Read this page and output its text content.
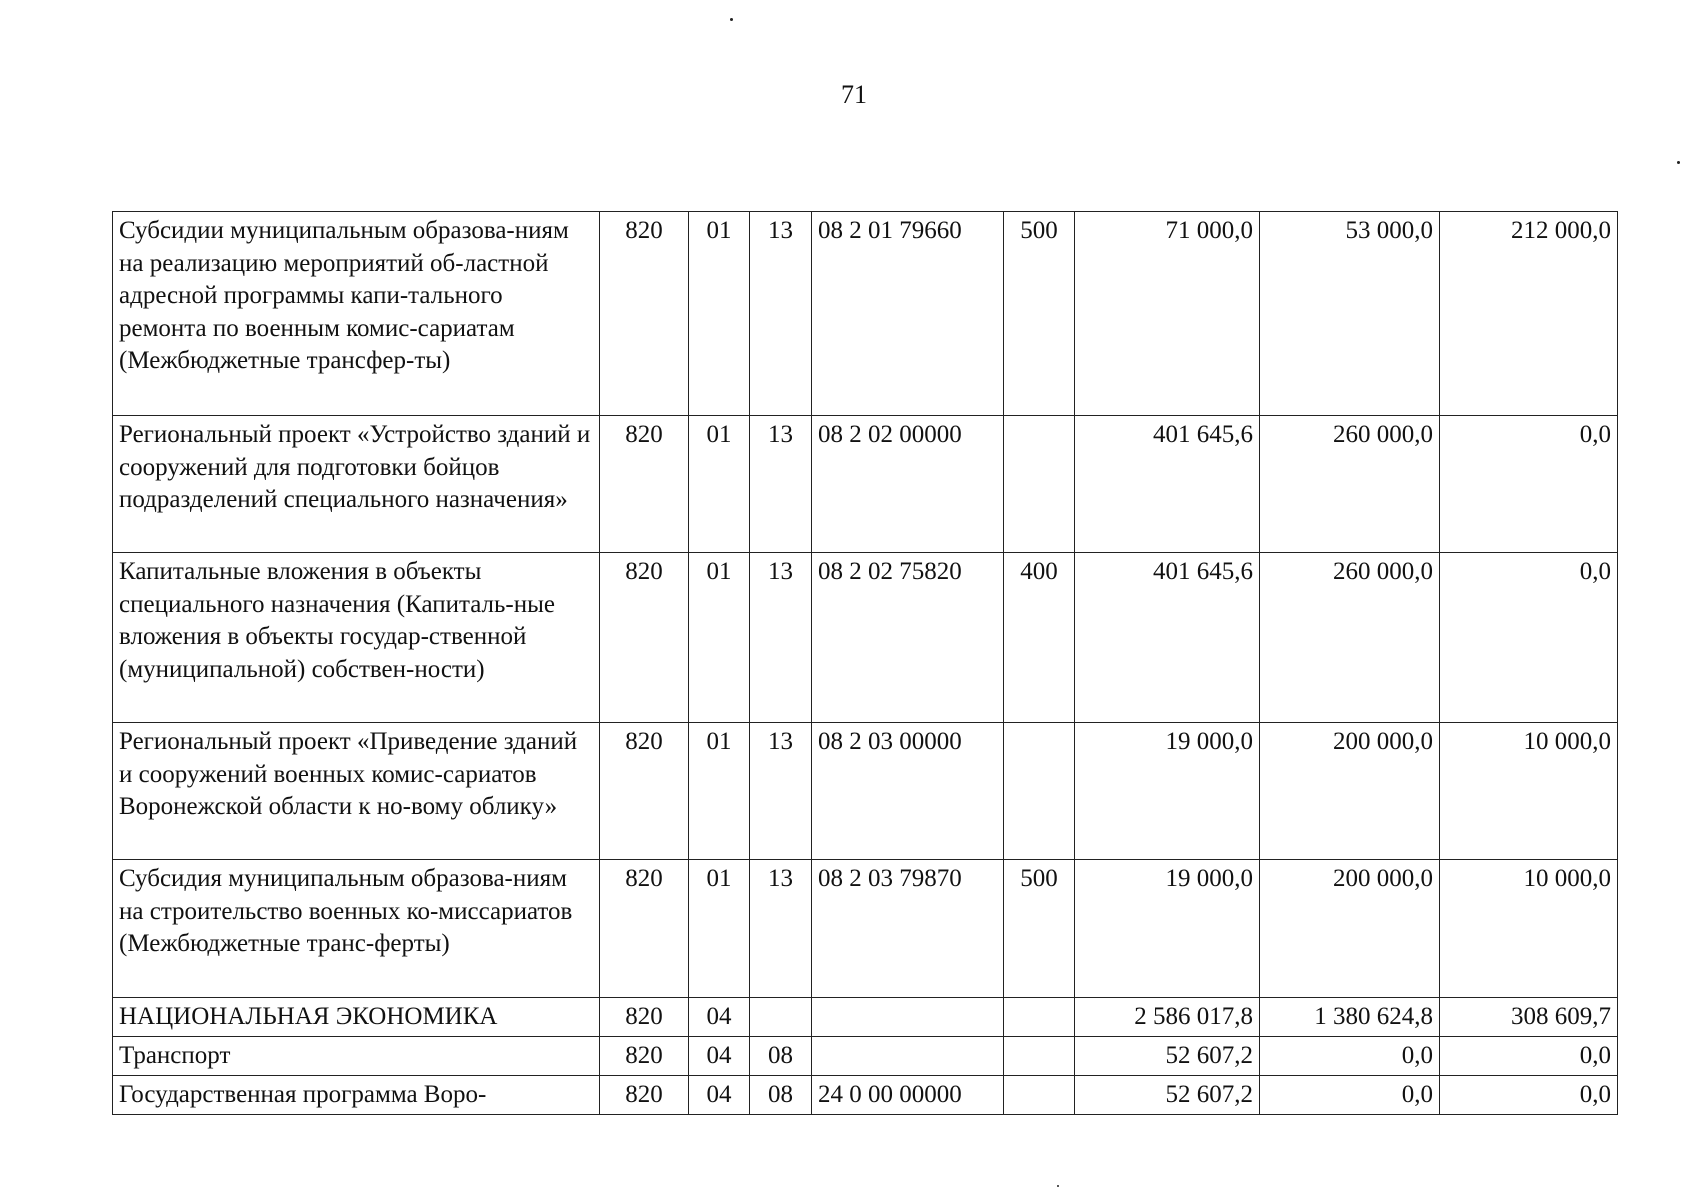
71
Субсидии муниципальным образова-ниям на реализацию мероприятий об-ластной адресной программы капи-тального ремонта по военным комис-сариатам (Межбюджетные трансфер-ты)	820	01	13	08 2 01 79660	500	71 000,0	53 000,0	212 000,0
Региональный проект «Устройство зданий и сооружений для подготовки бойцов подразделений специального назначения»	820	01	13	08 2 02 00000		401 645,6	260 000,0	0,0
Капитальные вложения в объекты специального назначения (Капиталь-ные вложения в объекты государ-ственной (муниципальной) собствен-ности)	820	01	13	08 2 02 75820	400	401 645,6	260 000,0	0,0
Региональный проект «Приведение зданий и сооружений военных комис-сариатов Воронежской области к но-вому облику»	820	01	13	08 2 03 00000		19 000,0	200 000,0	10 000,0
Субсидия муниципальным образова-ниям на строительство военных ко-миссариатов (Межбюджетные транс-ферты)	820	01	13	08 2 03 79870	500	19 000,0	200 000,0	10 000,0
НАЦИОНАЛЬНАЯ ЭКОНОМИКА	820	04				2 586 017,8	1 380 624,8	308 609,7
Транспорт	820	04	08			52 607,2	0,0	0,0
Государственная программа Воро-	820	04	08	24 0 00 00000		52 607,2	0,0	0,0
